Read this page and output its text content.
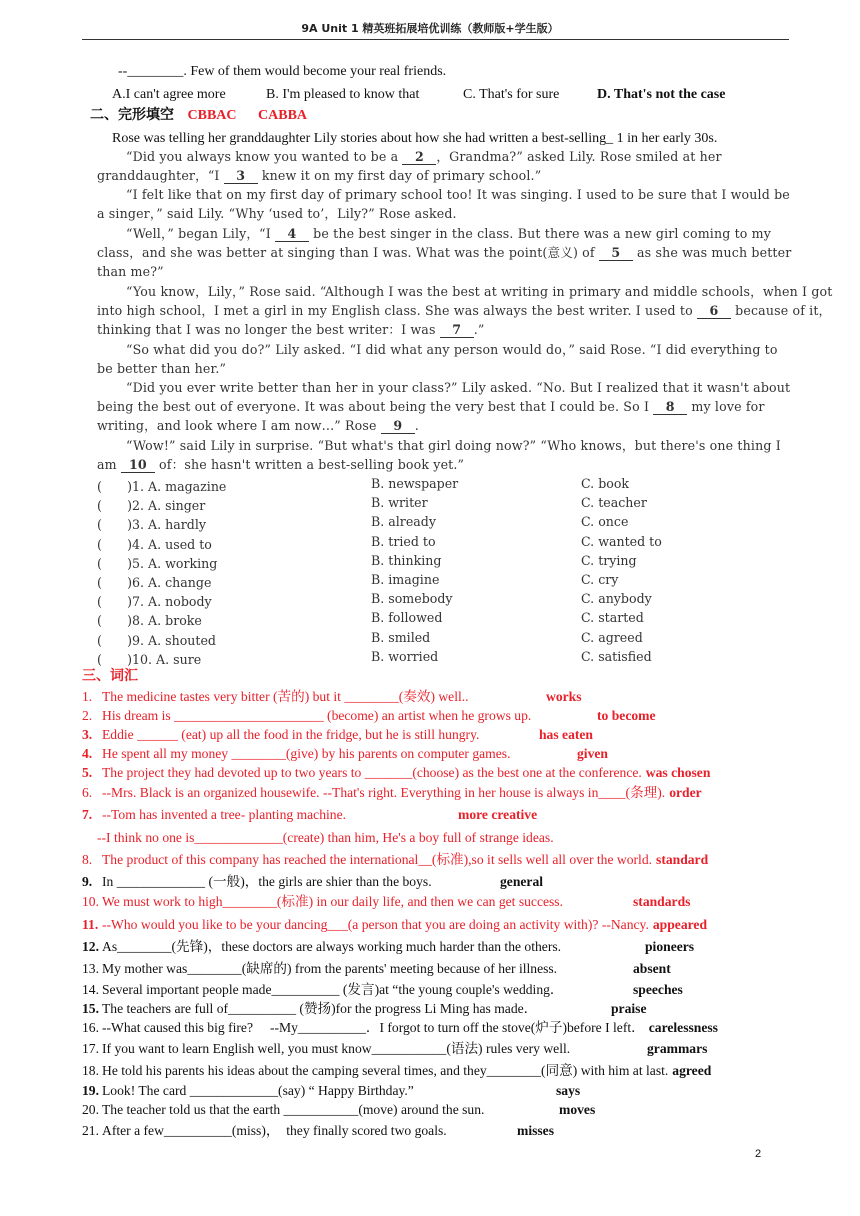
9A Unit 1 精英班拓展培优训练（教师版+学生版）
--________. Few of them would become your real friends.
A.I can't agree more	B. I'm pleased to know that	C. That's for sure	D. That's not the case
二、完形填空 CBBAC CABBA
Rose was telling her granddaughter Lily stories about how she had written a best-selling_ 1 in her early 30s.
“Did you always know you wanted to be a 2 ，Grandma?” asked Lily. Rose smiled at her
granddaughter，“I 3 knew it on my first day of primary school.”
“I felt like that on my first day of primary school too! It was singing. I used to be sure that I would be
a singer，” said Lily. “Why ‘used to’，Lily?” Rose asked.
“Well，” began Lily，“I 4 be the best singer in the class. But there was a new girl coming to my
class，and she was better at singing than I was. What was the point(意义) of 5 as she was much better
than me?”
“You know，Lily，” Rose said. “Although I was the best at writing in primary and middle schools，when I got
into high school，I met a girl in my English class. She was always the best writer. I used to 6 because of it，
thinking that I was no longer the best writer：I was 7 .”
“So what did you do?” Lily asked. “I did what any person would do，” said Rose. “I did everything to
be better than her.”
“Did you ever write better than her in your class?” Lily asked. “No. But I realized that it wasn't about
being the best out of everyone. It was about being the very best that I could be. So I 8 my love for
writing，and look where I am now…” Rose 9 .
“Wow!” said Lily in surprise. “But what's that girl doing now?” “Who knows，but there's one thing I
am 10 of：she hasn't written a best-selling book yet.”
(　　)1. A. magazine	B. newspaper	C. book
(　　)2. A. singer	B. writer	C. teacher
(　　)3. A. hardly	B. already	C. once
(　　)4. A. used to	B. tried to	C. wanted to
(　　)5. A. working	B. thinking	C. trying
(　　)6. A. change	B. imagine	C. cry
(　　)7. A. nobody	B. somebody	C. anybody
(　　)8. A. broke	B. followed	C. started
(　　)9. A. shouted	B. smiled	C. agreed
(　　)10. A. sure	B. worried	C. satisfied
三、词汇
1. The medicine tastes very bitter (苦的) but it ________(奏效) well..	works
2. His dream is ______________________ (become) an artist when he grows up.	to become
3. Eddie ______ (eat) up all the food in the fridge, but he is still hungry.	has eaten
4. He spent all my money ________(give) by his parents on computer games.	given
5. The project they had devoted up to two years to _______(choose) as the best one at the conference. was chosen
6. --Mrs. Black is an organized housewife. --That's right. Everything in her house is always in____(条理). order
7. --Tom has invented a tree- planting machine.	more creative
--I think no one is_____________(create) than him, He's a boy full of strange ideas.
8. The product of this company has reached the international__(标准),so it sells well all over the world. standard
9. In _____________ (一般)，the girls are shier than the boys.	general
10. We must work to high________(标准) in our daily life, and then we can get success.	standards
11. --Who would you like to be your dancing___(a person that you are doing an activity with)? --Nancy. appeared
12. As________(先锋)，these doctors are always working much harder than the others.	pioneers
13. My mother was________(缺席的) from the parents' meeting because of her illness.	absent
14. Several important people made__________ (发言)at “the young couple's wedding．	speeches
15. The teachers are full of__________ (赞扬)for the progress Li Ming has made．	praise
16. --What caused this big fire?　 --My__________．I forgot to turn off the stove(炉子)before I left． carelessness
17. If you want to learn English well, you must know___________(语法) rules very well.	grammars
18. He told his parents his ideas about the camping several times, and they________(同意) with him at last. agreed
19. Look! The card _____________(say) “ Happy Birthday.”	says
20. The teacher told us that the earth ___________(move) around the sun.	moves
21. After a few__________(miss)，　they finally scored two goals.	misses
2
